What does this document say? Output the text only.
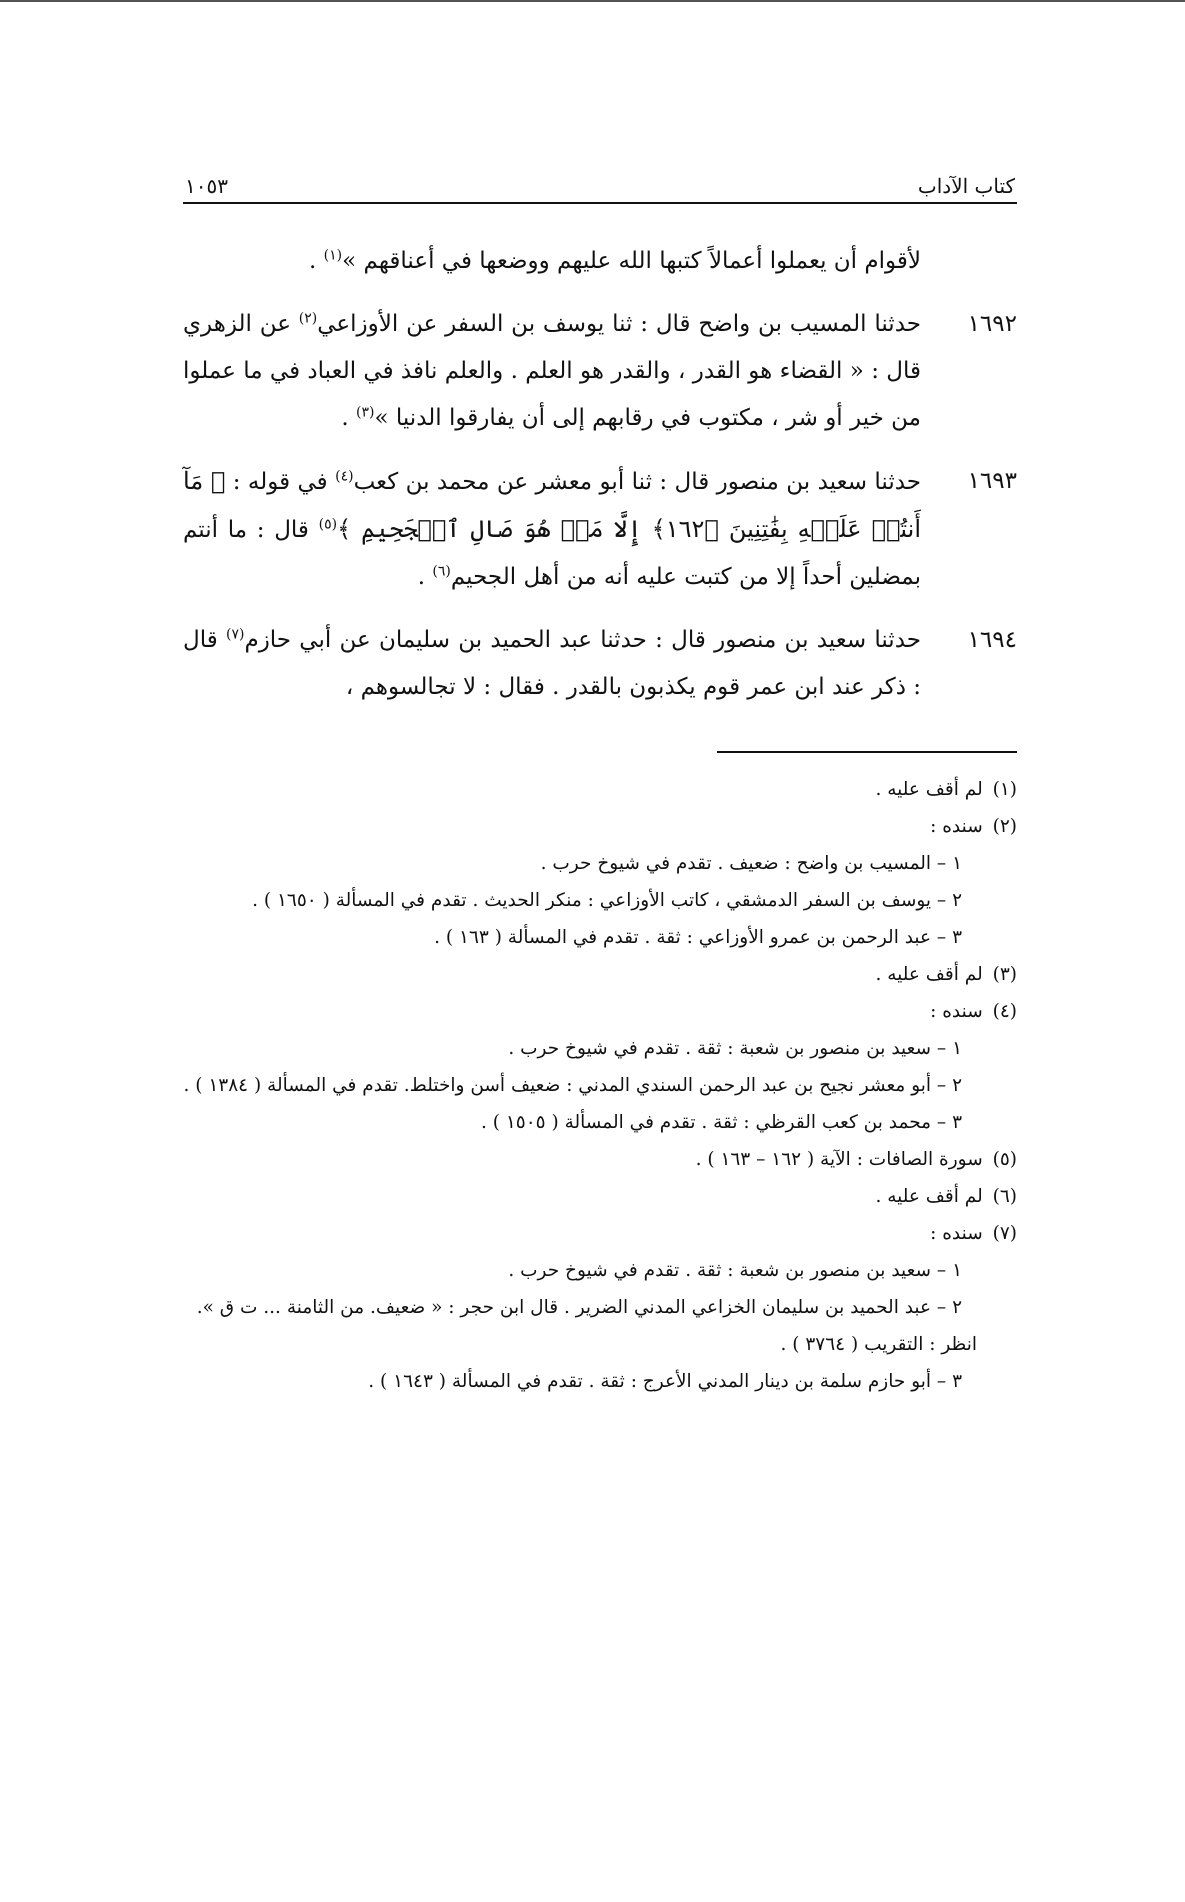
كتاب الآداب
١٠٥٣
لأقوام أن يعملوا أعمالاً كتبها الله عليهم ووضعها في أعناقهم »$^{(١)}$ .
١٦٩٢
حدثنا المسيب بن واضح قال : ثنا يوسف بن السفر عن الأوزاعي$^{(٢)}$ عن الزهري قال : « القضاء هو القدر ، والقدر هو العلم . والعلم نافذ في العباد في ما عملوا من خير أو شر ، مكتوب في رقابهم إلى أن يفارقوا الدنيا »$^{(٣)}$ .
١٦٩٣
حدثنا سعيد بن منصور قال : ثنا أبو معشر عن محمد بن كعب$^{(٤)}$ في قوله : ﴿ مَآ أَنتُمۡ عَلَيۡهِ بِفَٰتِنِينَ ﴿١٦٢﴾ إِلَّا مَنۡ هُوَ صَالِ ٱلۡجَحِيمِ ﴾$^{(٥)}$ قال : ما أنتم بمضلين أحداً إلا من كتبت عليه أنه من أهل الجحيم$^{(٦)}$ .
١٦٩٤
حدثنا سعيد بن منصور قال : حدثنا عبد الحميد بن سليمان عن أبي حازم$^{(٧)}$ قال : ذكر عند ابن عمر قوم يكذبون بالقدر . فقال : لا تجالسوهم ،
(١) لم أقف عليه .
(٢) سنده :
١ – المسيب بن واضح : ضعيف . تقدم في شيوخ حرب .
٢ – يوسف بن السفر الدمشقي ، كاتب الأوزاعي : منكر الحديث . تقدم في المسألة ( ١٦٥٠ ) .
٣ – عبد الرحمن بن عمرو الأوزاعي : ثقة . تقدم في المسألة ( ١٦٣ ) .
(٣) لم أقف عليه .
(٤) سنده :
١ – سعيد بن منصور بن شعبة : ثقة . تقدم في شيوخ حرب .
٢ – أبو معشر نجيح بن عبد الرحمن السندي المدني : ضعيف أسن واختلط. تقدم في المسألة ( ١٣٨٤ ) .
٣ – محمد بن كعب القرظي : ثقة . تقدم في المسألة ( ١٥٠٥ ) .
(٥) سورة الصافات : الآية ( ١٦٢ – ١٦٣ ) .
(٦) لم أقف عليه .
(٧) سنده :
١ – سعيد بن منصور بن شعبة : ثقة . تقدم في شيوخ حرب .
٢ – عبد الحميد بن سليمان الخزاعي المدني الضرير . قال ابن حجر : « ضعيف. من الثامنة ... ت ق ».
انظر : التقريب ( ٣٧٦٤ ) .
٣ – أبو حازم سلمة بن دينار المدني الأعرج : ثقة . تقدم في المسألة ( ١٦٤٣ ) .
